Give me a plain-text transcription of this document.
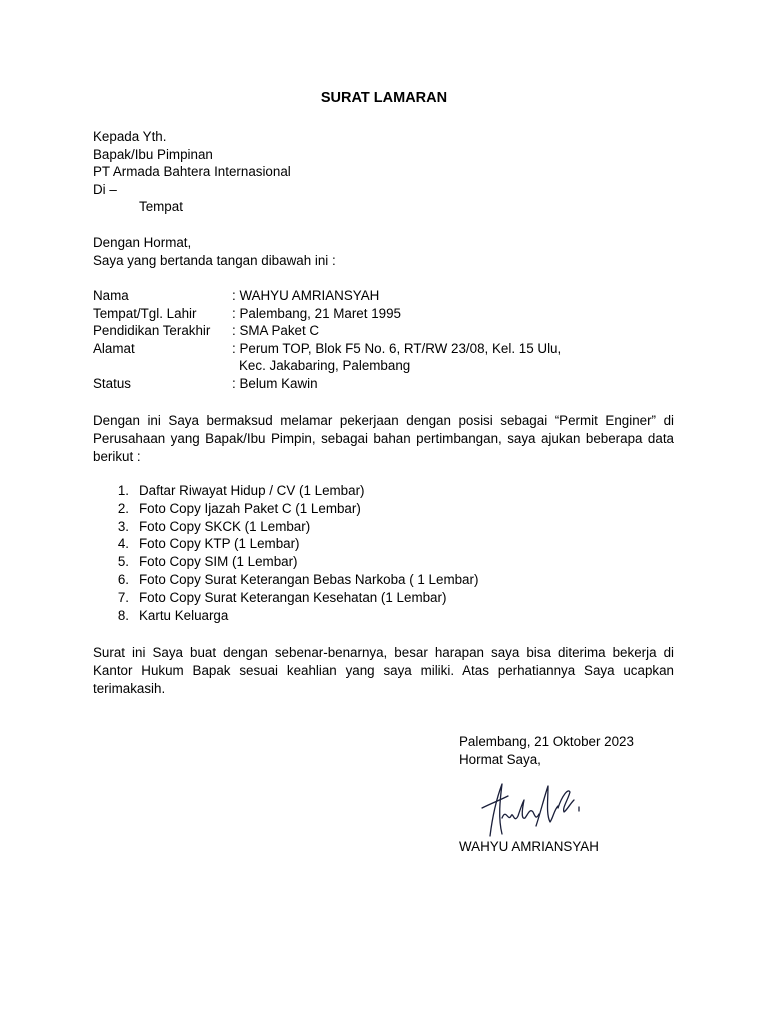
SURAT LAMARAN
Kepada Yth.
Bapak/Ibu Pimpinan
PT Armada Bahtera Internasional
Di –
Tempat
Dengan Hormat,
Saya yang bertanda tangan dibawah ini :
Nama	: WAHYU AMRIANSYAH
Tempat/Tgl. Lahir	: Palembang, 21 Maret 1995
Pendidikan Terakhir : SMA Paket C
Alamat	: Perum TOP, Blok F5 No. 6, RT/RW 23/08, Kel. 15 Ulu,
Kec. Jakabaring, Palembang
Status	: Belum Kawin
Dengan ini Saya bermaksud melamar pekerjaan dengan posisi sebagai “Permit Enginer” di Perusahaan yang Bapak/Ibu Pimpin, sebagai bahan pertimbangan, saya ajukan beberapa data berikut :
1. Daftar Riwayat Hidup / CV (1 Lembar)
2. Foto Copy Ijazah Paket C (1 Lembar)
3. Foto Copy SKCK (1 Lembar)
4. Foto Copy KTP (1 Lembar)
5. Foto Copy SIM (1 Lembar)
6. Foto Copy Surat Keterangan Bebas Narkoba ( 1 Lembar)
7. Foto Copy Surat Keterangan Kesehatan (1 Lembar)
8. Kartu Keluarga
Surat ini Saya buat dengan sebenar-benarnya, besar harapan saya bisa diterima bekerja di Kantor Hukum Bapak sesuai keahlian yang saya miliki. Atas perhatiannya Saya ucapkan terimakasih.
Palembang, 21 Oktober 2023
Hormat Saya,
WAHYU AMRIANSYAH
